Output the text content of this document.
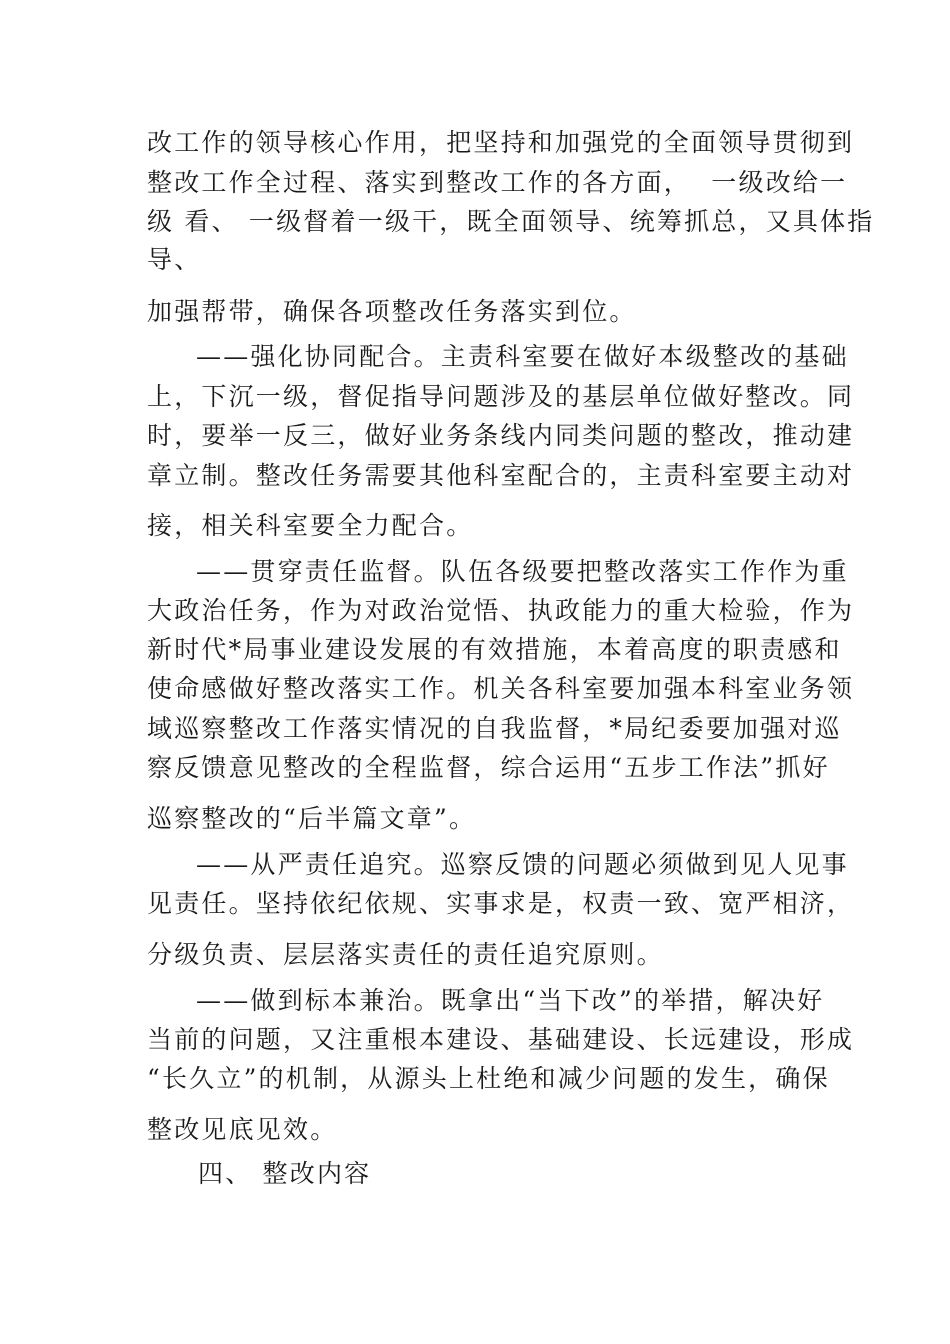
改工作的领导核心作用，把坚持和加强党的全面领导贯彻到
整改工作全过程、落实到整改工作的各方面，  一级改给一
级 看、 一级督着一级干，既全面领导、统筹抓总，又具体指
导、
加强帮带，确保各项整改任务落实到位。
——强化协同配合。主责科室要在做好本级整改的基础
上，下沉一级，督促指导问题涉及的基层单位做好整改。同
时，要举一反三，做好业务条线内同类问题的整改，推动建
章立制。整改任务需要其他科室配合的，主责科室要主动对
接，相关科室要全力配合。
——贯穿责任监督。队伍各级要把整改落实工作作为重
大政治任务，作为对政治觉悟、执政能力的重大检验，作为
新时代*局事业建设发展的有效措施，本着高度的职责感和
使命感做好整改落实工作。机关各科室要加强本科室业务领
域巡察整改工作落实情况的自我监督，*局纪委要加强对巡
察反馈意见整改的全程监督，综合运用“五步工作法”抓好
巡察整改的“后半篇文章”。
——从严责任追究。巡察反馈的问题必须做到见人见事
见责任。坚持依纪依规、实事求是，权责一致、宽严相济，
分级负责、层层落实责任的责任追究原则。
——做到标本兼治。既拿出“当下改”的举措，解决好
当前的问题，又注重根本建设、基础建设、长远建设，形成
“长久立”的机制，从源头上杜绝和减少问题的发生，确保
整改见底见效。
四、 整改内容
